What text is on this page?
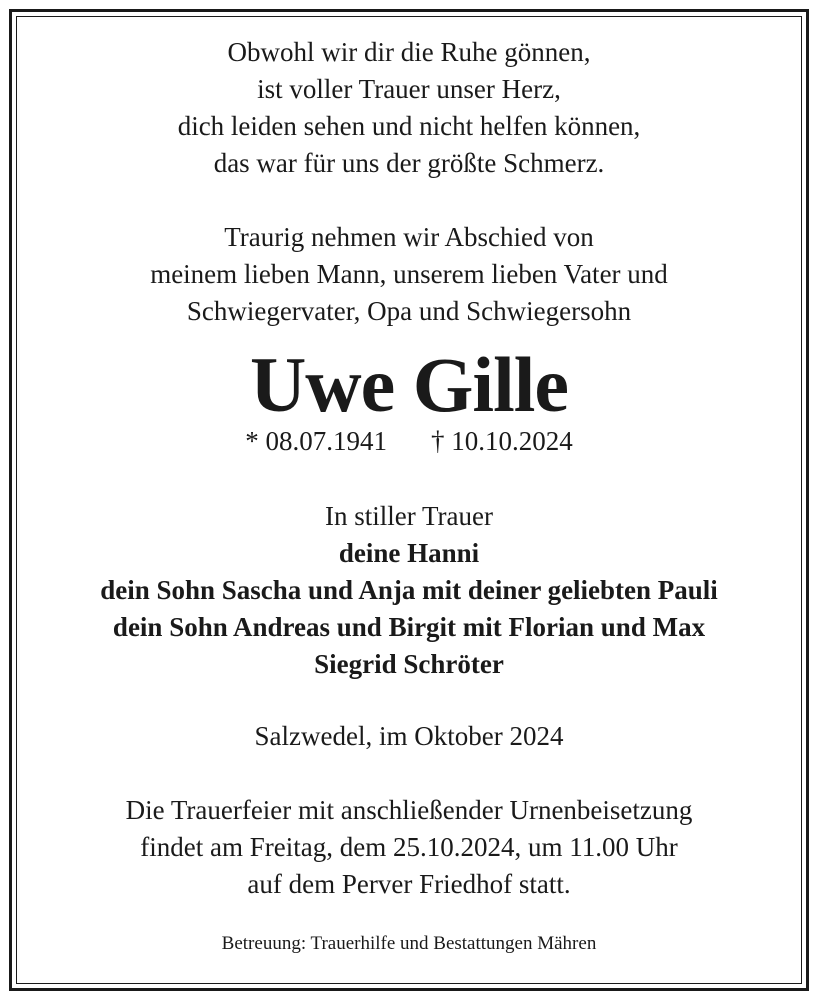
Obwohl wir dir die Ruhe gönnen,
ist voller Trauer unser Herz,
dich leiden sehen und nicht helfen können,
das war für uns der größte Schmerz.
Traurig nehmen wir Abschied von
meinem lieben Mann, unserem lieben Vater und
Schwiegervater, Opa und Schwiegersohn
Uwe Gille
* 08.07.1941 † 10.10.2024
In stiller Trauer
deine Hanni
dein Sohn Sascha und Anja mit deiner geliebten Pauli
dein Sohn Andreas und Birgit mit Florian und Max
Siegrid Schröter
Salzwedel, im Oktober 2024
Die Trauerfeier mit anschließender Urnenbeisetzung
findet am Freitag, dem 25.10.2024, um 11.00 Uhr
auf dem Perver Friedhof statt.
Betreuung: Trauerhilfe und Bestattungen Mähren
